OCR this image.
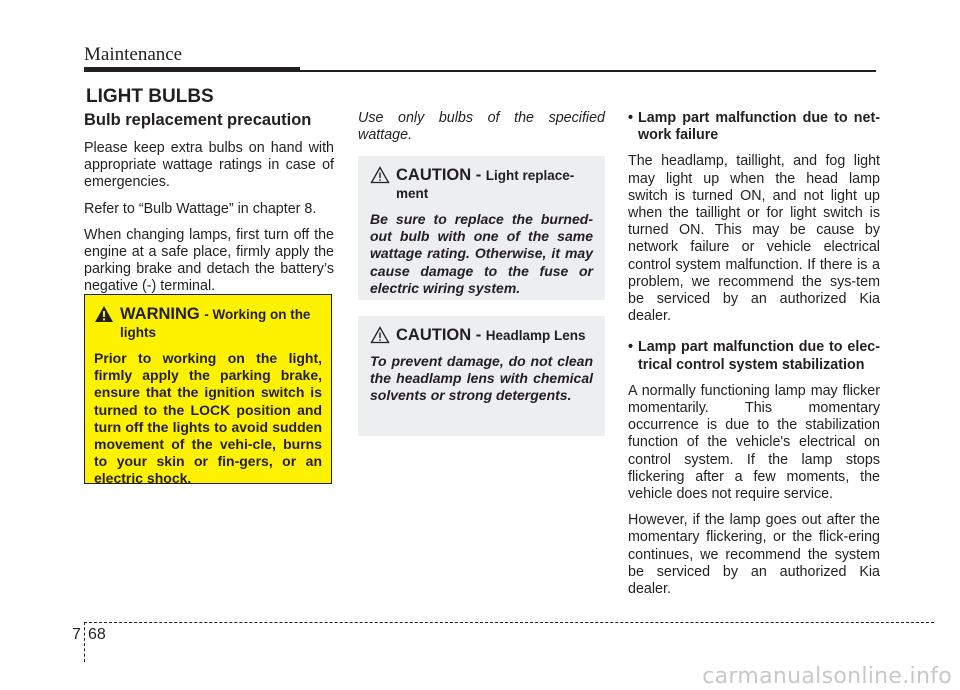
Maintenance
LIGHT BULBS
Bulb replacement precaution

Please keep extra bulbs on hand with appropriate wattage ratings in case of emergencies.

Refer to “Bulb Wattage” in chapter 8.

When changing lamps, first turn off the engine at a safe place, firmly apply the parking brake and detach the battery’s negative (-) terminal.

WARNING - Working on the lights
Prior to working on the light, firmly apply the parking brake, ensure that the ignition switch is turned to the LOCK position and turn off the lights to avoid sudden movement of the vehi-cle, burns to your skin or fin-gers, or an electric shock.

Use only bulbs of the specified wattage.

CAUTION - Light replace-ment
Be sure to replace the burned-out bulb with one of the same wattage rating. Otherwise, it may cause damage to the fuse or electric wiring system.
CAUTION - Headlamp Lens
To prevent damage, do not clean the headlamp lens with chemical solvents or strong detergents.
• Lamp part malfunction due to net-work failure

The headlamp, taillight, and fog light may light up when the head lamp switch is turned ON, and not light up when the taillight or for light switch is turned ON. This may be cause by network failure or vehicle electrical control system malfunction. If there is a problem, we recommend the sys-tem be serviced by an authorized Kia dealer.

• Lamp part malfunction due to elec-trical control system stabilization

A normally functioning lamp may flicker momentarily. This momentary occurrence is due to the stabilization function of the vehicle's electrical on control system. If the lamp stops flickering after a few moments, the vehicle does not require service.

However, if the lamp goes out after the momentary flickering, or the flick-ering continues, we recommend the system be serviced by an authorized Kia dealer.

7 68
carmanualsonline.info
